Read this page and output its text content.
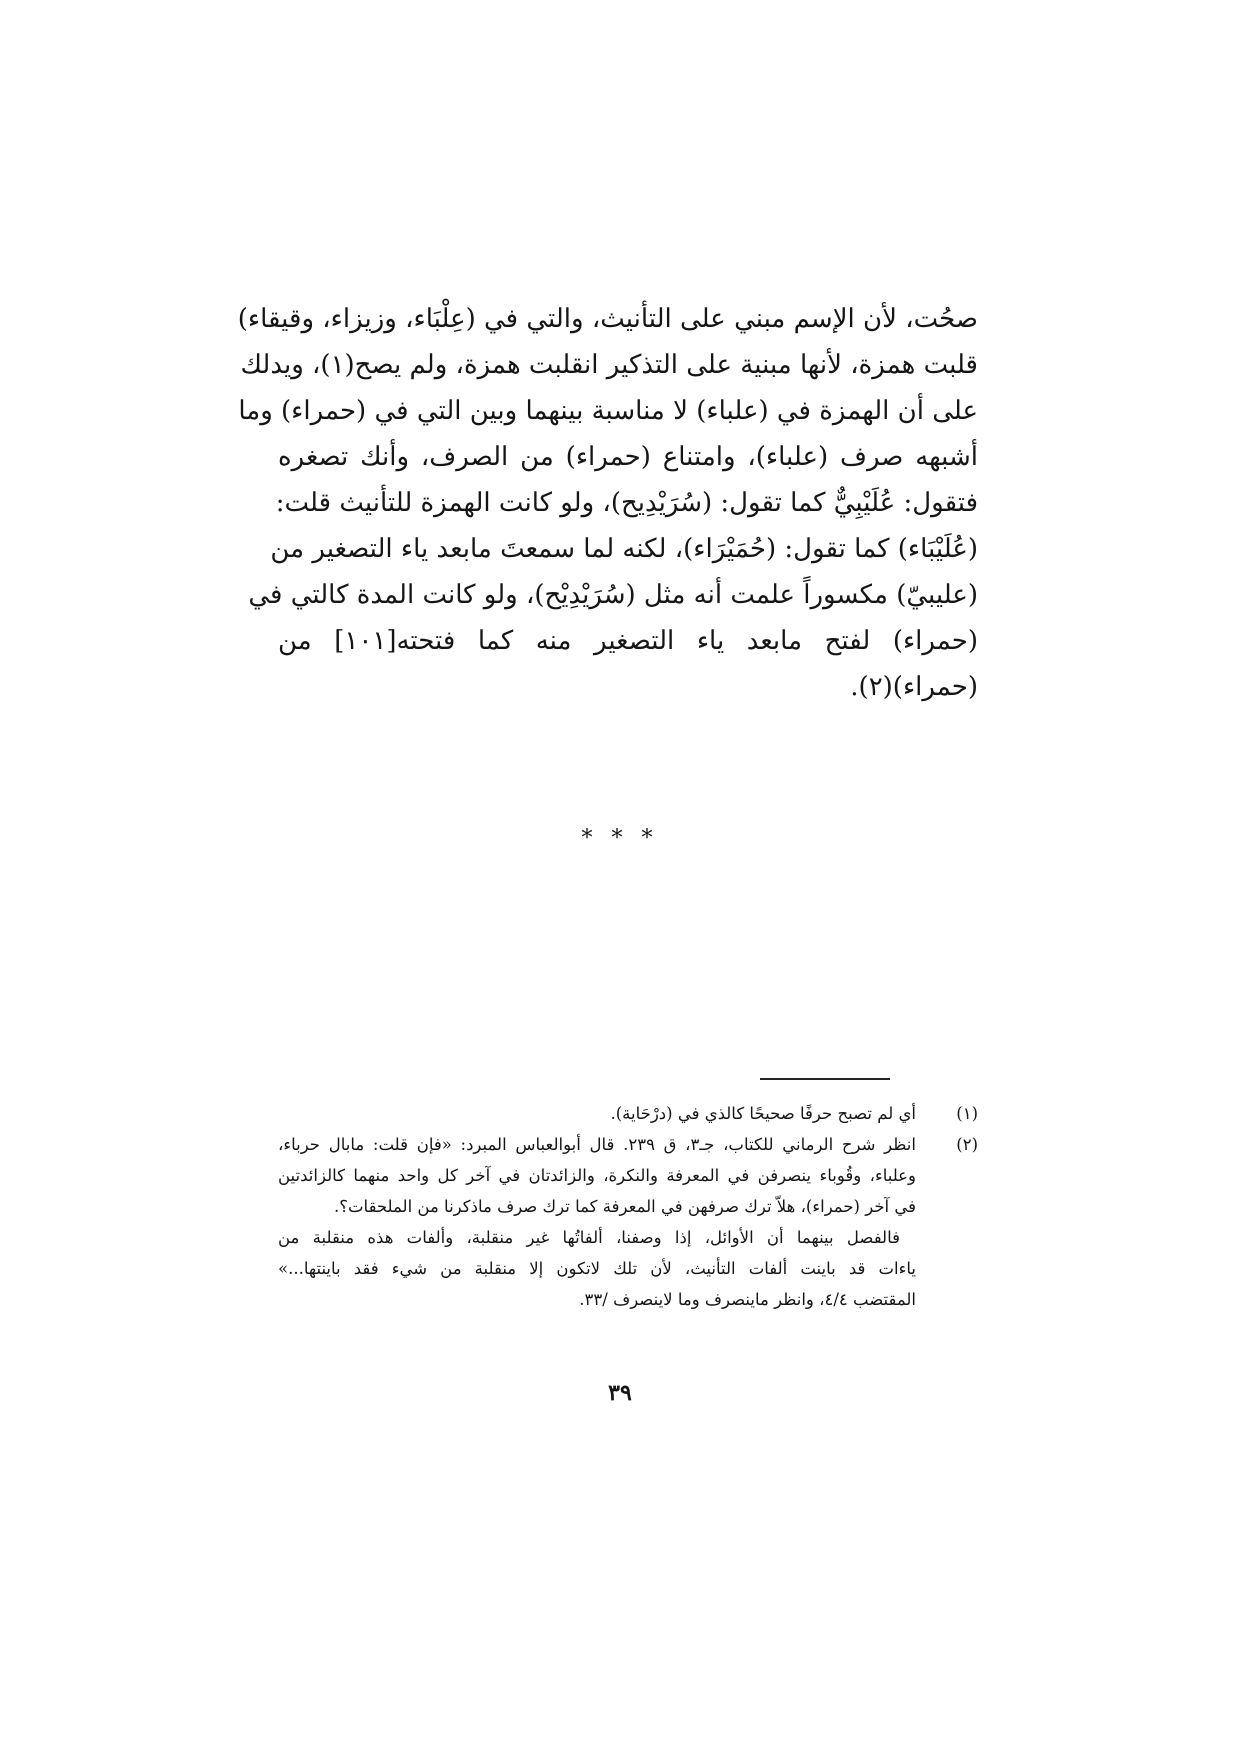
صحُت، لأن الإسم مبني على التأنيث، والتي في (عِلْبَاء، وزيزاء، وقيقاء)
قلبت همزة، لأنها مبنية على التذكير انقلبت همزة، ولم يصح(١)، ويدلك
على أن الهمزة في (علباء) لا مناسبة بينهما وبين التي في (حمراء) وما
أشبهه صرف (علباء)، وامتناع (حمراء) من الصرف، وأنك تصغره
فتقول: عُلَيْبِيٌّ كما تقول: (سُرَيْدِيح)، ولو كانت الهمزة للتأنيث قلت:
(عُلَيْبَاء) كما تقول: (حُمَيْرَاء)، لكنه لما سمعتَ مابعد ياء التصغير من
(عليبيّ) مكسوراً علمت أنه مثل (سُرَيْدِيْح)، ولو كانت المدة كالتي في
(حمراء) لفتح مابعد ياء التصغير منه كما فتحته[١٠١] من
(حمراء)(٢).
* * *
(١)
أي لم تصبح حرفًا صحيحًا كالذي في (درْحَاية).
(٢)
انظر شرح الرماني للكتاب، جـ٣، ق ٢٣٩. قال أبوالعباس المبرد: «فإن قلت: مابال حرباء،
وعلباء، وقُوباء ينصرفن في المعرفة والنكرة، والزائدتان في آخر كل واحد منهما كالزائدتين
في آخر (حمراء)، هلاّ ترك صرفهن في المعرفة كما ترك صرف ماذكرنا من الملحقات؟.
فالفصل بينهما أن الأوائل، إذا وصفنا، ألفاتُها غير منقلبة، وألفات هذه منقلبة من
ياءات قد باينت ألفات التأنيث، لأن تلك لاتكون إلا منقلبة من شيء فقد باينتها...»
المقتضب ٤/٤، وانظر ماينصرف وما لاينصرف /٣٣.
٣٩
